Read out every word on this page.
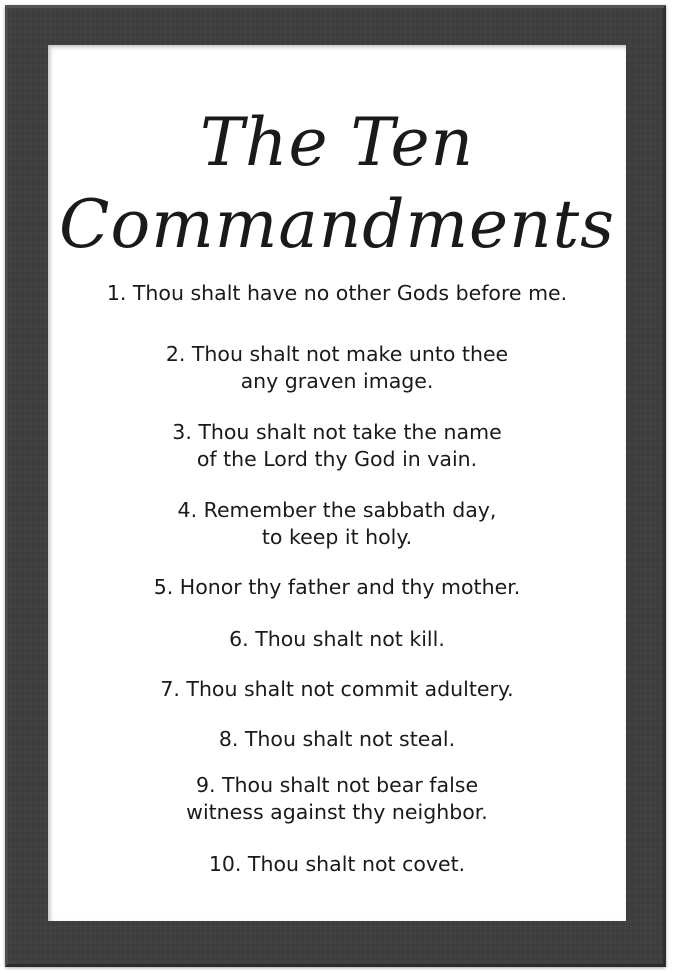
The Ten
Commandments
1. Thou shalt have no other Gods before me.
2. Thou shalt not make unto thee
any graven image.
3. Thou shalt not take the name
of the Lord thy God in vain.
4. Remember the sabbath day,
to keep it holy.
5. Honor thy father and thy mother.
6. Thou shalt not kill.
7. Thou shalt not commit adultery.
8. Thou shalt not steal.
9. Thou shalt not bear false
witness against thy neighbor.
10. Thou shalt not covet.
